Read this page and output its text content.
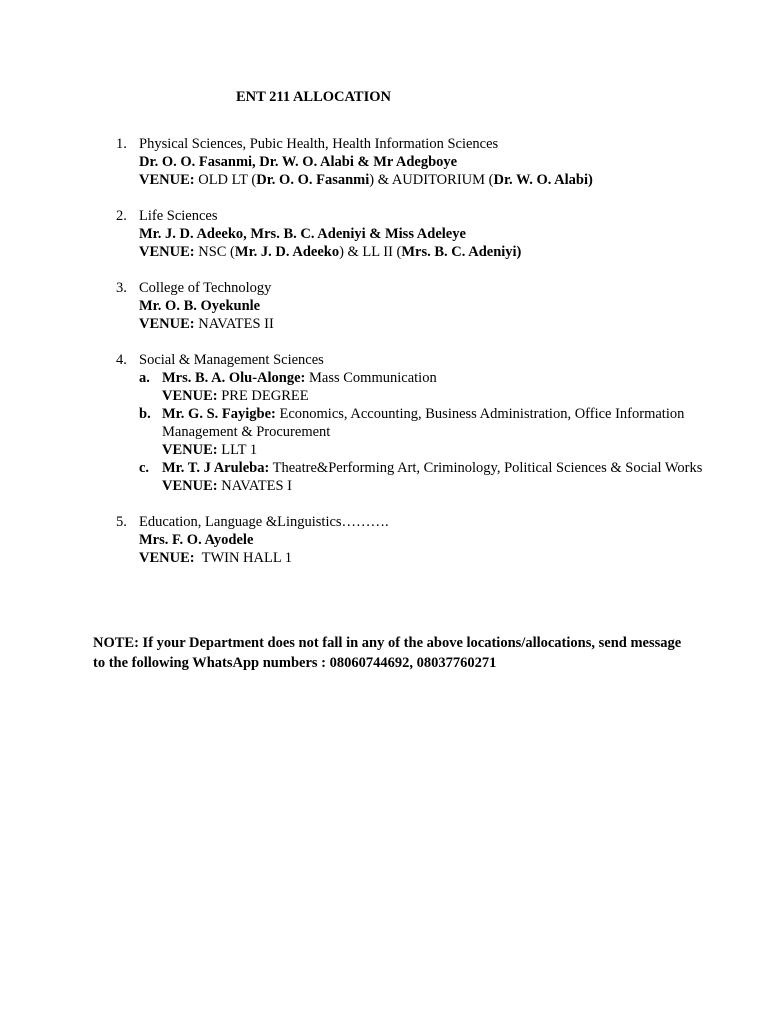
ENT 211 ALLOCATION
1. Physical Sciences, Pubic Health, Health Information Sciences
Dr. O. O. Fasanmi, Dr. W. O. Alabi & Mr Adegboye
VENUE: OLD LT (Dr. O. O. Fasanmi) & AUDITORIUM (Dr. W. O. Alabi)
2. Life Sciences
Mr. J. D. Adeeko, Mrs. B. C. Adeniyi & Miss Adeleye
VENUE: NSC (Mr. J. D. Adeeko) & LL II (Mrs. B. C. Adeniyi)
3. College of Technology
Mr. O. B. Oyekunle
VENUE: NAVATES II
4. Social & Management Sciences
a. Mrs. B. A. Olu-Alonge: Mass Communication
VENUE: PRE DEGREE
b. Mr. G. S. Fayigbe: Economics, Accounting, Business Administration, Office Information Management & Procurement
VENUE: LLT 1
c. Mr. T. J Aruleba: Theatre&Performing Art, Criminology, Political Sciences & Social Works
VENUE: NAVATES I
5. Education, Language &Linguistics……….
Mrs. F. O. Ayodele
VENUE:  TWIN HALL 1
NOTE: If your Department does not fall in any of the above locations/allocations, send message to the following WhatsApp numbers : 08060744692, 08037760271
